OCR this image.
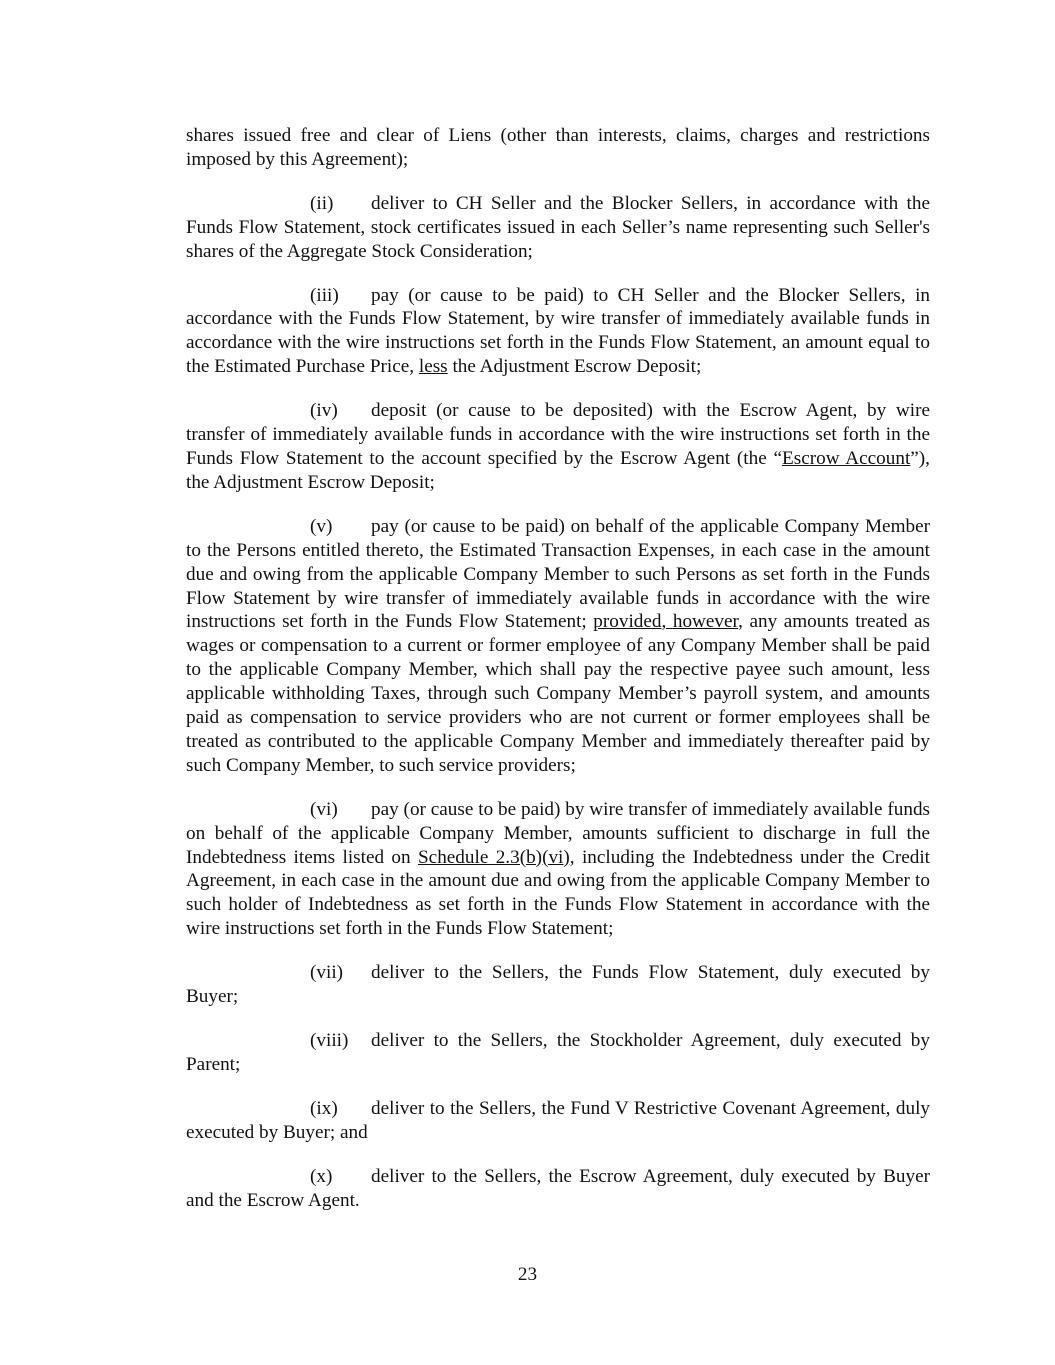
shares issued free and clear of Liens (other than interests, claims, charges and restrictions imposed by this Agreement);

(ii) deliver to CH Seller and the Blocker Sellers, in accordance with the Funds Flow Statement, stock certificates issued in each Seller’s name representing such Seller's shares of the Aggregate Stock Consideration;

(iii) pay (or cause to be paid) to CH Seller and the Blocker Sellers, in accordance with the Funds Flow Statement, by wire transfer of immediately available funds in accordance with the wire instructions set forth in the Funds Flow Statement, an amount equal to the Estimated Purchase Price, less the Adjustment Escrow Deposit;

(iv) deposit (or cause to be deposited) with the Escrow Agent, by wire transfer of immediately available funds in accordance with the wire instructions set forth in the Funds Flow Statement to the account specified by the Escrow Agent (the “Escrow Account”), the Adjustment Escrow Deposit;

(v) pay (or cause to be paid) on behalf of the applicable Company Member to the Persons entitled thereto, the Estimated Transaction Expenses, in each case in the amount due and owing from the applicable Company Member to such Persons as set forth in the Funds Flow Statement by wire transfer of immediately available funds in accordance with the wire instructions set forth in the Funds Flow Statement; provided, however, any amounts treated as wages or compensation to a current or former employee of any Company Member shall be paid to the applicable Company Member, which shall pay the respective payee such amount, less applicable withholding Taxes, through such Company Member’s payroll system, and amounts paid as compensation to service providers who are not current or former employees shall be treated as contributed to the applicable Company Member and immediately thereafter paid by such Company Member, to such service providers;

(vi) pay (or cause to be paid) by wire transfer of immediately available funds on behalf of the applicable Company Member, amounts sufficient to discharge in full the Indebtedness items listed on Schedule 2.3(b)(vi), including the Indebtedness under the Credit Agreement, in each case in the amount due and owing from the applicable Company Member to such holder of Indebtedness as set forth in the Funds Flow Statement in accordance with the wire instructions set forth in the Funds Flow Statement;

(vii) deliver to the Sellers, the Funds Flow Statement, duly executed by
Buyer;
(viii) deliver to the Sellers, the Stockholder Agreement, duly executed by
Parent;

(ix) deliver to the Sellers, the Fund V Restrictive Covenant Agreement, duly executed by Buyer; and

(x) deliver to the Sellers, the Escrow Agreement, duly executed by Buyer and the Escrow Agent.

23
